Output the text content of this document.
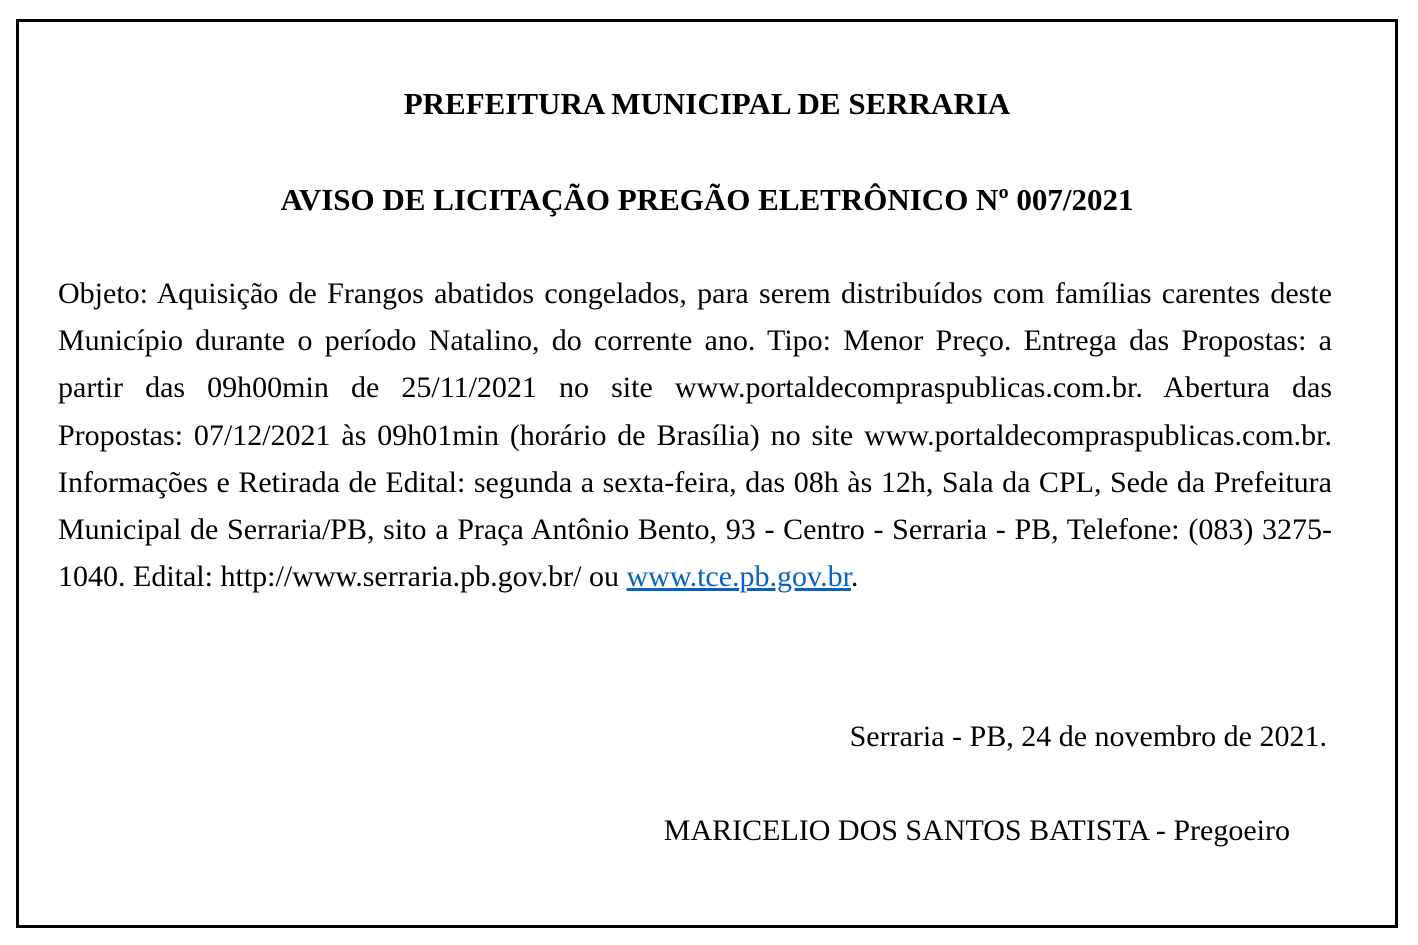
PREFEITURA MUNICIPAL DE SERRARIA
AVISO DE LICITAÇÃO PREGÃO ELETRÔNICO Nº 007/2021

Objeto: Aquisição de Frangos abatidos congelados, para serem distribuídos com famílias carentes deste Município durante o período Natalino, do corrente ano. Tipo: Menor Preço. Entrega das Propostas: a partir das 09h00min de 25/11/2021 no site www.portaldecompraspublicas.com.br. Abertura das Propostas: 07/12/2021 às 09h01min (horário de Brasília) no site www.portaldecompraspublicas.com.br. Informações e Retirada de Edital: segunda a sexta-feira, das 08h às 12h, Sala da CPL, Sede da Prefeitura Municipal de Serraria/PB, sito a Praça Antônio Bento, 93 - Centro - Serraria - PB, Telefone: (083) 3275-1040. Edital: http://www.serraria.pb.gov.br/ ou www.tce.pb.gov.br.

Serraria - PB, 24 de novembro de 2021.

MARICELIO DOS SANTOS BATISTA - Pregoeiro
